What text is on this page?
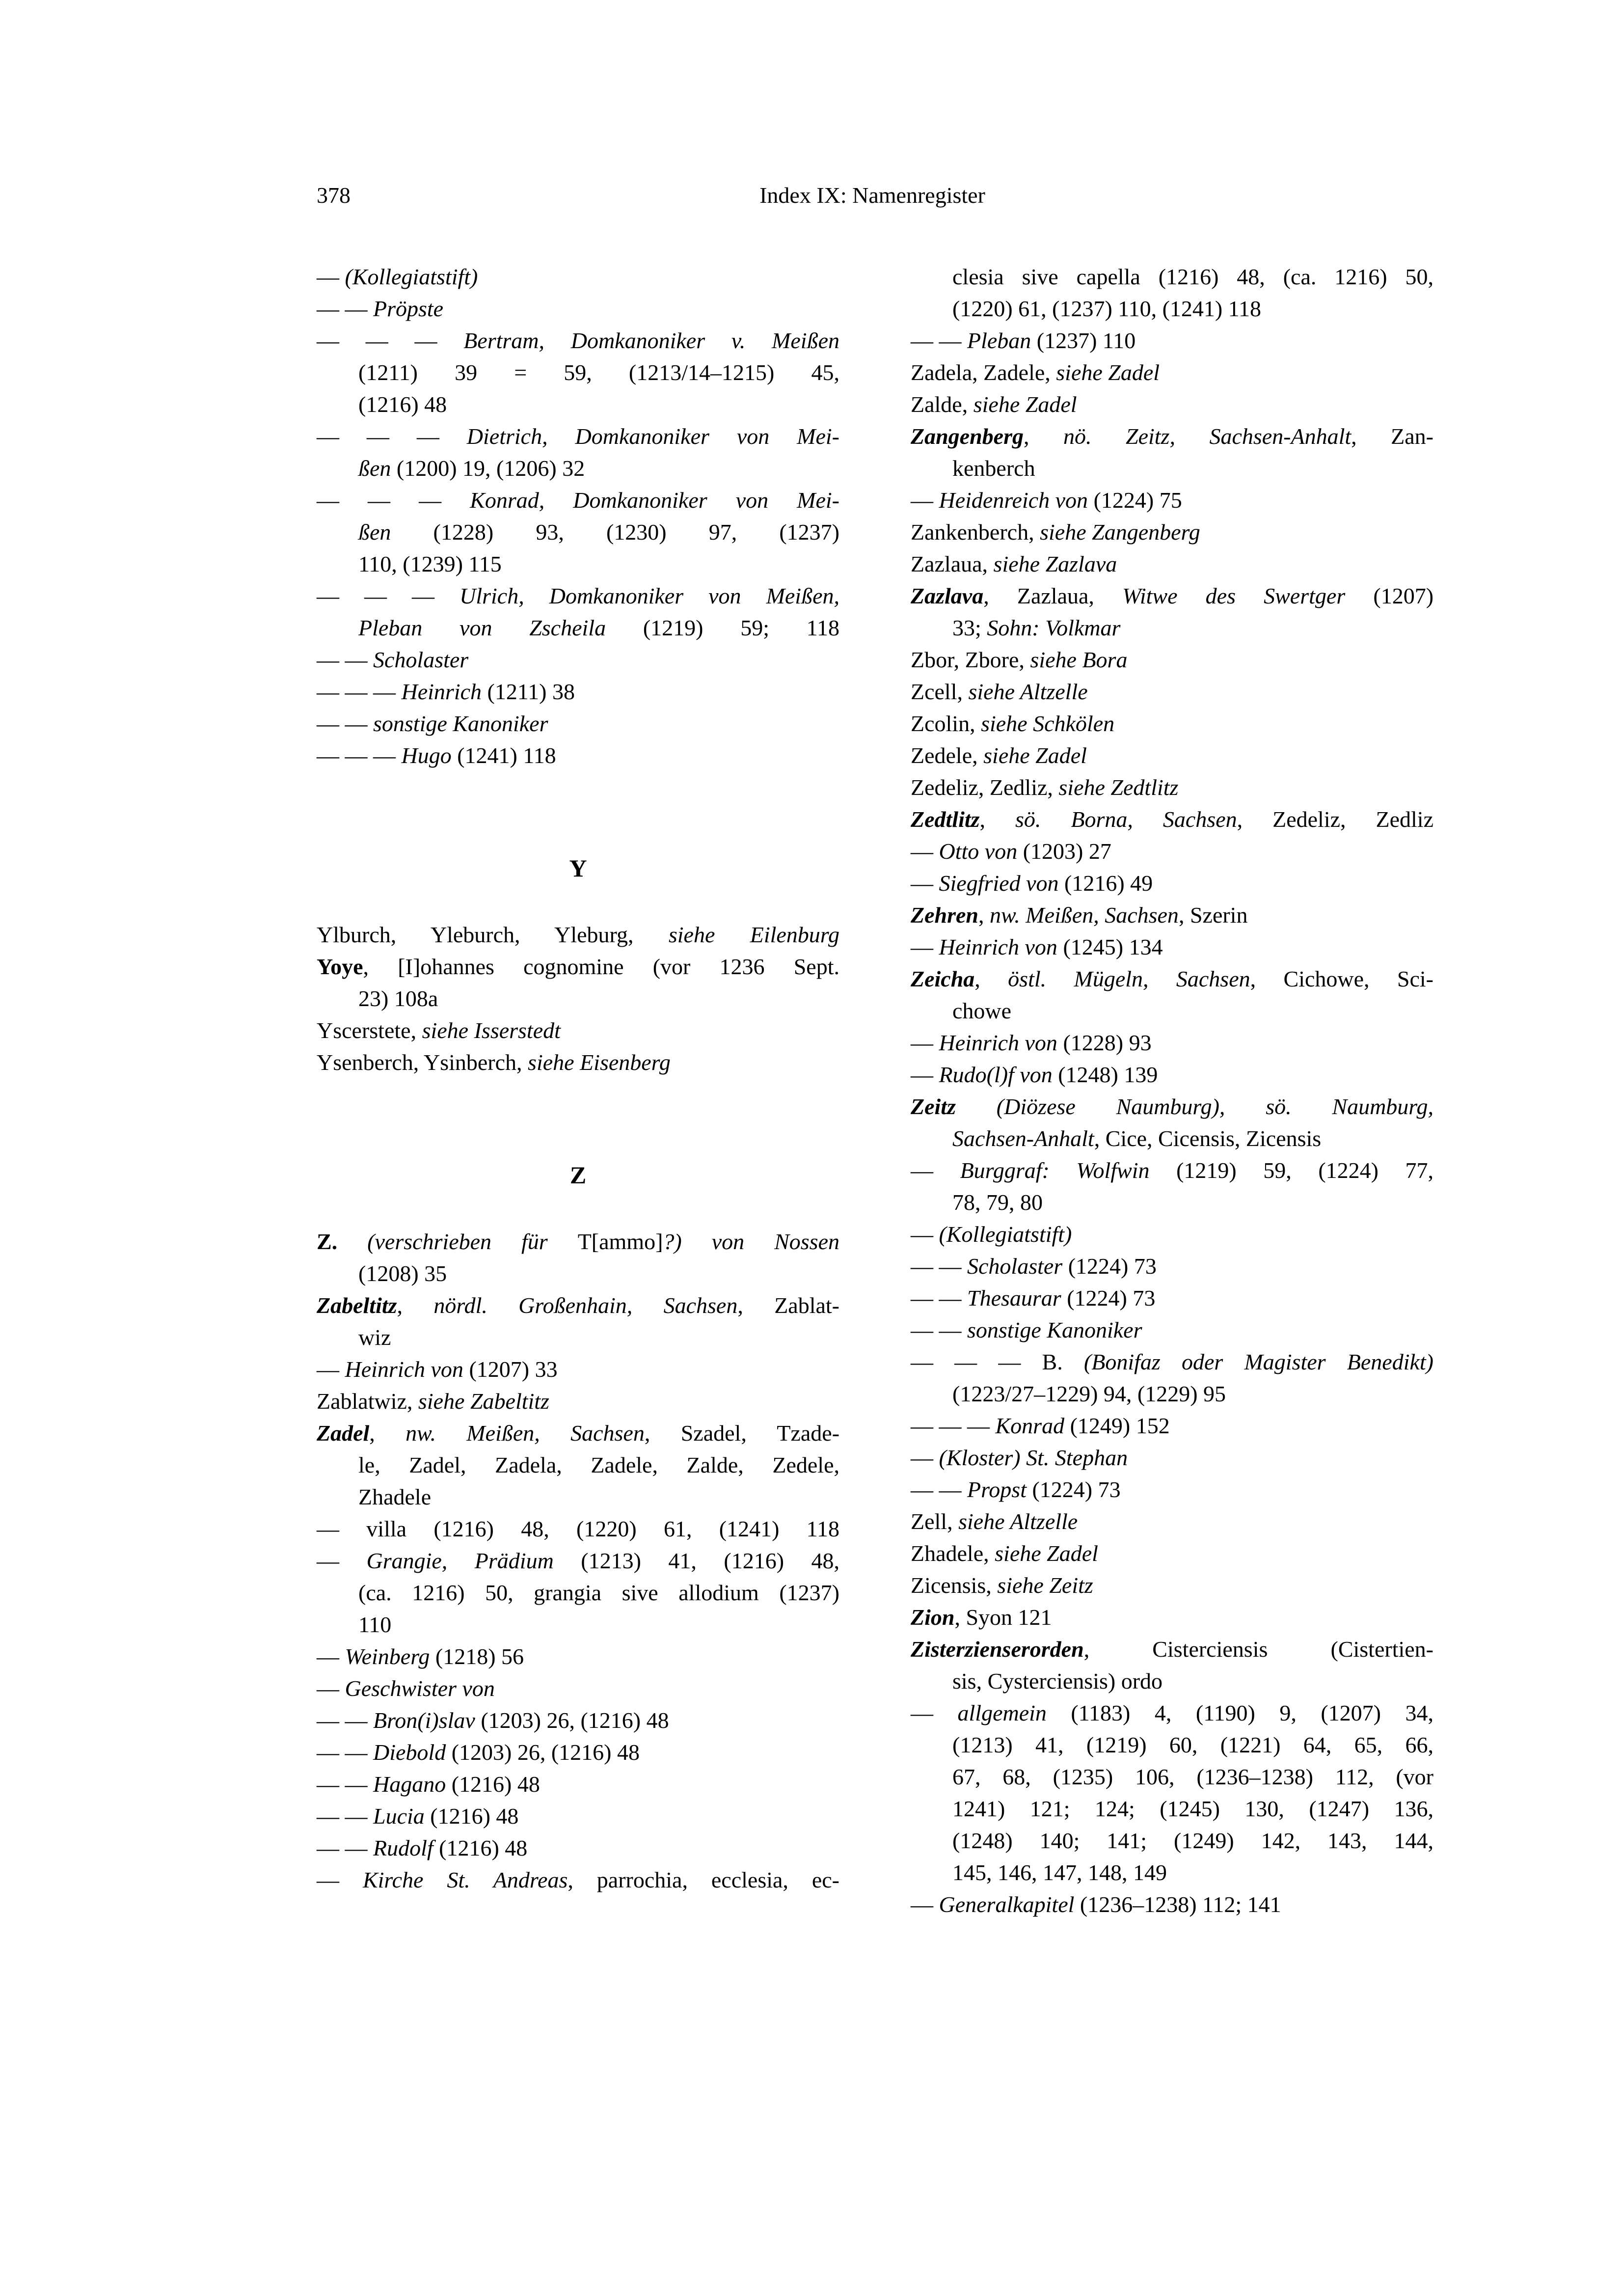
378	Index IX: Namenregister
— (Kollegiatstift)
— — Pröpste
— — — Bertram, Domkanoniker v. Meißen
(1211) 39 = 59, (1213/14–1215) 45,
(1216) 48
— — — Dietrich, Domkanoniker von Mei-
ßen (1200) 19, (1206) 32
— — — Konrad, Domkanoniker von Mei-
ßen (1228) 93, (1230) 97, (1237)
110, (1239) 115
— — — Ulrich, Domkanoniker von Meißen,
Pleban von Zscheila (1219) 59; 118
— — Scholaster
— — — Heinrich (1211) 38
— — sonstige Kanoniker
— — — Hugo (1241) 118
Y
Ylburch, Yleburch, Yleburg, siehe Eilenburg
Yoye, [I]ohannes cognomine (vor 1236 Sept.
23) 108a
Yscerstete, siehe Isserstedt
Ysenberch, Ysinberch, siehe Eisenberg
Z
Z. (verschrieben für T[ammo]?) von Nossen
(1208) 35
Zabeltitz, nördl. Großenhain, Sachsen, Zablat-
wiz
— Heinrich von (1207) 33
Zablatwiz, siehe Zabeltitz
Zadel, nw. Meißen, Sachsen, Szadel, Tzade-
le, Zadel, Zadela, Zadele, Zalde, Zedele,
Zhadele
— villa (1216) 48, (1220) 61, (1241) 118
— Grangie, Prädium (1213) 41, (1216) 48,
(ca. 1216) 50, grangia sive allodium (1237)
110
— Weinberg (1218) 56
— Geschwister von
— — Bron(i)slav (1203) 26, (1216) 48
— — Diebold (1203) 26, (1216) 48
— — Hagano (1216) 48
— — Lucia (1216) 48
— — Rudolf (1216) 48
— Kirche St. Andreas, parrochia, ecclesia, ec-
clesia sive capella (1216) 48, (ca. 1216) 50,
(1220) 61, (1237) 110, (1241) 118
— — Pleban (1237) 110
Zadela, Zadele, siehe Zadel
Zalde, siehe Zadel
Zangenberg, nö. Zeitz, Sachsen-Anhalt, Zan-
kenberch
— Heidenreich von (1224) 75
Zankenberch, siehe Zangenberg
Zazlaua, siehe Zazlava
Zazlava, Zazlaua, Witwe des Swertger (1207)
33; Sohn: Volkmar
Zbor, Zbore, siehe Bora
Zcell, siehe Altzelle
Zcolin, siehe Schkölen
Zedele, siehe Zadel
Zedeliz, Zedliz, siehe Zedtlitz
Zedtlitz, sö. Borna, Sachsen, Zedeliz, Zedliz
— Otto von (1203) 27
— Siegfried von (1216) 49
Zehren, nw. Meißen, Sachsen, Szerin
— Heinrich von (1245) 134
Zeicha, östl. Mügeln, Sachsen, Cichowe, Sci-
chowe
— Heinrich von (1228) 93
— Rudo(l)f von (1248) 139
Zeitz (Diözese Naumburg), sö. Naumburg,
Sachsen-Anhalt, Cice, Cicensis, Zicensis
— Burggraf: Wolfwin (1219) 59, (1224) 77,
78, 79, 80
— (Kollegiatstift)
— — Scholaster (1224) 73
— — Thesaurar (1224) 73
— — sonstige Kanoniker
— — — B. (Bonifaz oder Magister Benedikt)
(1223/27–1229) 94, (1229) 95
— — — Konrad (1249) 152
— (Kloster) St. Stephan
— — Propst (1224) 73
Zell, siehe Altzelle
Zhadele, siehe Zadel
Zicensis, siehe Zeitz
Zion, Syon 121
Zisterzienserorden, Cisterciensis (Cistertien-
sis, Cysterciensis) ordo
— allgemein (1183) 4, (1190) 9, (1207) 34,
(1213) 41, (1219) 60, (1221) 64, 65, 66,
67, 68, (1235) 106, (1236–1238) 112, (vor
1241) 121; 124; (1245) 130, (1247) 136,
(1248) 140; 141; (1249) 142, 143, 144,
145, 146, 147, 148, 149
— Generalkapitel (1236–1238) 112; 141
